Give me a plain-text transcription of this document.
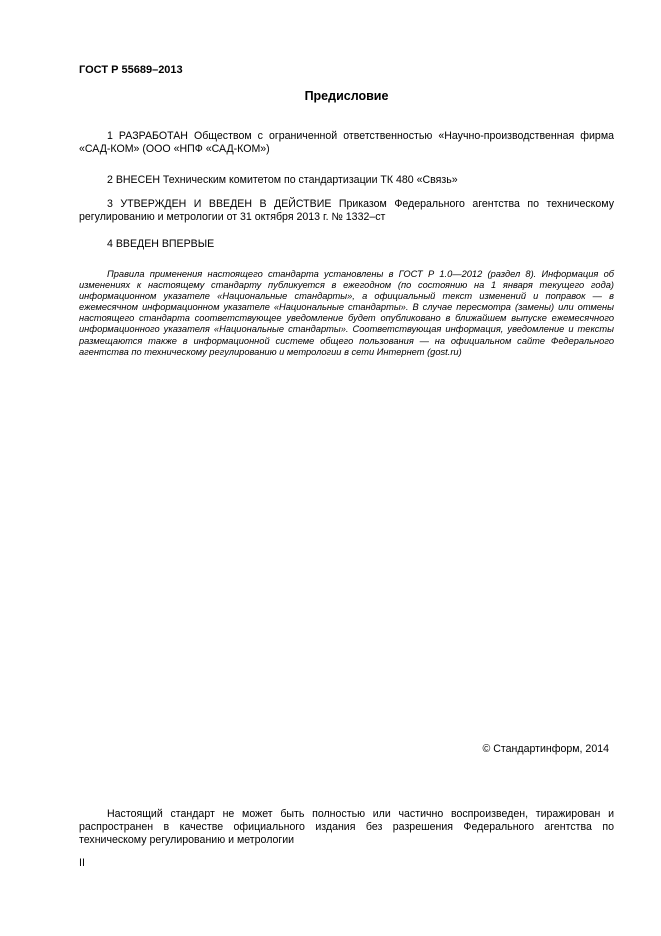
ГОСТ Р 55689–2013
Предисловие

1 РАЗРАБОТАН Обществом с ограниченной ответственностью «Научно-производственная фирма «САД-КОМ» (ООО «НПФ «САД-КОМ»)

2 ВНЕСЕН Техническим комитетом по стандартизации ТК 480 «Связь»

3 УТВЕРЖДЕН И ВВЕДЕН В ДЕЙСТВИЕ Приказом Федерального агентства по техническому регулированию и метрологии от 31 октября 2013 г. № 1332–ст

4 ВВЕДЕН ВПЕРВЫЕ

Правила применения настоящего стандарта установлены в ГОСТ Р 1.0—2012 (раздел 8). Информация об изменениях к настоящему стандарту публикуется в ежегодном (по состоянию на 1 января текущего года) информационном указателе «Национальные стандарты», а официальный текст изменений и поправок — в ежемесячном информационном указателе «Национальные стандарты». В случае пересмотра (замены) или отмены настоящего стандарта соответствующее уведомление будет опубликовано в ближайшем выпуске ежемесячного информационного указателя «Национальные стандарты». Соответствующая информация, уведомление и тексты размещаются также в информационной системе общего пользования — на официальном сайте Федерального агентства по техническому регулированию и метрологии в сети Интернет (gost.ru)

© Стандартинформ, 2014

Настоящий стандарт не может быть полностью или частично воспроизведен, тиражирован и распространен в качестве официального издания без разрешения Федерального агентства по техническому регулированию и метрологии

II
